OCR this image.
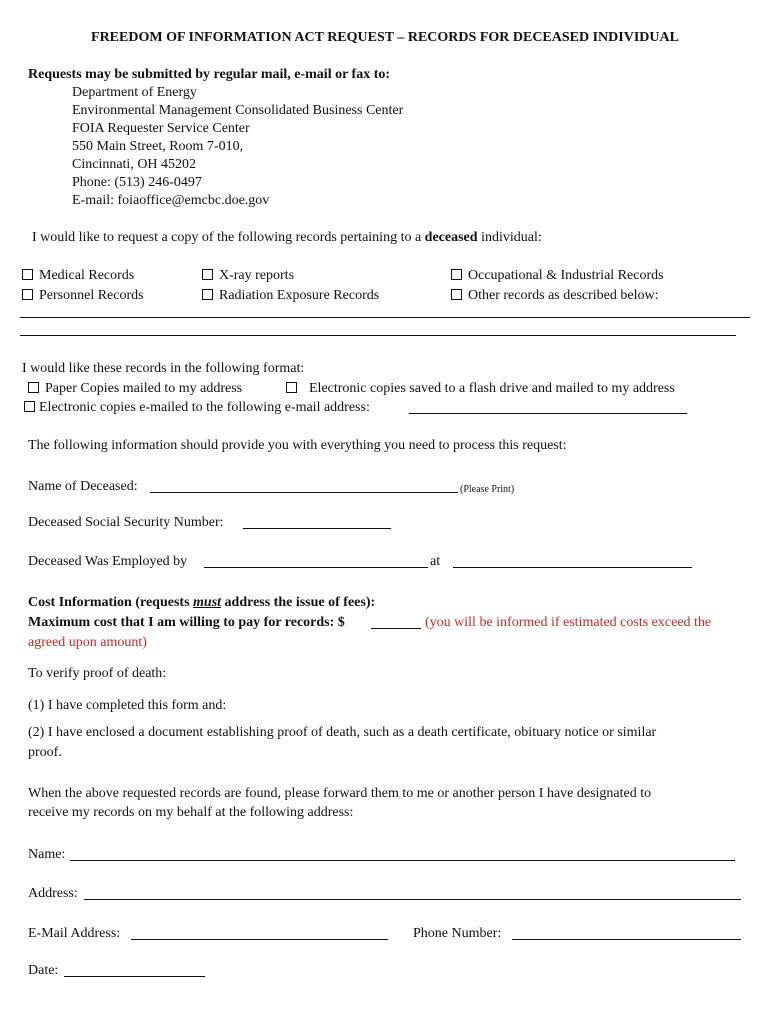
FREEDOM OF INFORMATION ACT REQUEST – RECORDS FOR DECEASED INDIVIDUAL
Requests may be submitted by regular mail, e-mail or fax to:
Department of Energy
Environmental Management Consolidated Business Center
FOIA Requester Service Center
550 Main Street, Room 7-010,
Cincinnati, OH 45202
Phone: (513) 246-0497
E-mail: foiaoffice@emcbc.doe.gov
I would like to request a copy of the following records pertaining to a deceased individual:
Medical Records	X-ray reports	Occupational & Industrial Records
Personnel Records	Radiation Exposure Records	Other records as described below:
I would like these records in the following format:
Paper Copies mailed to my address	Electronic copies saved to a flash drive and mailed to my address
Electronic copies e-mailed to the following e-mail address:
The following information should provide you with everything you need to process this request:
Name of Deceased:	(Please Print)
Deceased Social Security Number:
Deceased Was Employed by	at
Cost Information (requests must address the issue of fees):
Maximum cost that I am willing to pay for records: $	(you will be informed if estimated costs exceed the
agreed upon amount)
To verify proof of death:
(1) I have completed this form and:
(2) I have enclosed a document establishing proof of death, such as a death certificate, obituary notice or similar
proof.
When the above requested records are found, please forward them to me or another person I have designated to
receive my records on my behalf at the following address:
Name:
Address:
E-Mail Address:	Phone Number:
Date:
